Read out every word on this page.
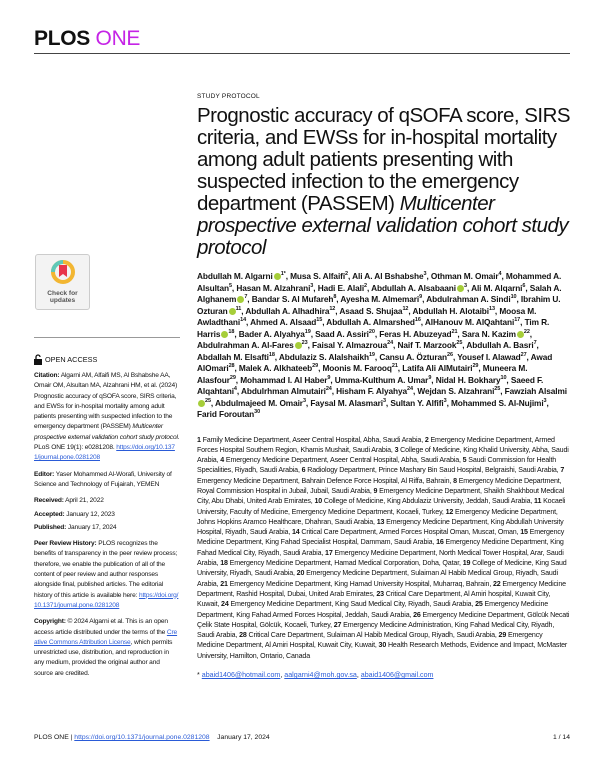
PLOS ONE
Check for
updates
OPEN ACCESS
Citation: Algarni AM, Alfaifi MS, Al Bshabshe AA, Omair OM, Alsultan MA, Alzahrani HM, et al. (2024) Prognostic accuracy of qSOFA score, SIRS criteria, and EWSs for in-hospital mortality among adult patients presenting with suspected infection to the emergency department (PASSEM) Multicenter prospective external validation cohort study protocol. PLoS ONE 19(1): e0281208. https://doi.org/10.1371/journal.pone.0281208
Editor: Yaser Mohammed Al-Worafi, University of Science and Technology of Fujairah, YEMEN
Received: April 21, 2022
Accepted: January 12, 2023
Published: January 17, 2024
Peer Review History: PLOS recognizes the benefits of transparency in the peer review process; therefore, we enable the publication of all of the content of peer review and author responses alongside final, published articles. The editorial history of this article is available here: https://doi.org/10.1371/journal.pone.0281208
Copyright: © 2024 Algarni et al. This is an open access article distributed under the terms of the Creative Commons Attribution License, which permits unrestricted use, distribution, and reproduction in any medium, provided the original author and source are credited.
STUDY PROTOCOL
Prognostic accuracy of qSOFA score, SIRS criteria, and EWSs for in-hospital mortality among adult patients presenting with suspected infection to the emergency department (PASSEM) Multicenter prospective external validation cohort study protocol
Abdullah M. Algarni $^{1*}$, Musa S. Alfaifi$^2$, Ali A. Al Bshabshe$^3$, Othman M. Omair$^4$, Mohammed A. Alsultan$^5$, Hasan M. Alzahrani$^3$, Hadi E. Alali$^2$, Abdullah A. Alsabaani $^3$, Ali M. Alqarni$^6$, Salah A. Alghanem $^7$, Bandar S. Al Mufareh$^8$, Ayesha M. Almemari$^9$, Abdulrahman A. Sindi$^{10}$, Ibrahim U. Ozturan $^{11}$, Abdullah A. Alhadhira$^{12}$, Asaad S. Shujaa$^{12}$, Abdullah H. Alotaibi$^{13}$, Moosa M. Awladthani$^{14}$, Ahmed A. Alsaad$^{15}$, Abdullah A. Almarshed$^{16}$, AlHanouv M. AlQahtani$^{17}$, Tim R. Harris $^{18}$, Bader A. Alyahya$^{19}$, Saad A. Assiri$^{20}$, Feras H. Abuzeyad$^{21}$, Sara N. Kazim $^{22}$, Abdulrahman A. Al-Fares $^{23}$, Faisal Y. Almazroua$^{24}$, Naif T. Marzook$^{25}$, Abdullah A. Basri$^7$, Abdallah M. Elsafti$^{18}$, Abdulaziz S. Alalshaikh$^{19}$, Cansu A. Özturan$^{26}$, Yousef I. Alawad$^{27}$, Awad AlOmari$^{28}$, Malek A. Alkhateeb$^{29}$, Moonis M. Farooq$^{21}$, Latifa Ali AlMutairi$^{29}$, Muneera M. Alasfour$^{29}$, Mohammad I. Al Haber$^9$, Umma-Kulthum A. Umar$^9$, Nidal H. Bokhary$^{10}$, Saeed F. Alqahtani$^4$, Abdulrhman Almutairi$^{24}$, Hisham F. Alyahya$^{24}$, Wejdan S. Alzahrani$^{25}$, Fawziah Alsalmi$^{25}$, Abdulmajeed M. Omair$^3$, Faysal M. Alasmari$^3$, Sultan Y. Alfifi$^3$, Mohammed S. Al-Nujimi$^3$, Farid Foroutan$^{30}$
1 Family Medicine Department, Aseer Central Hospital, Abha, Saudi Arabia, 2 Emergency Medicine Department, Armed Forces Hospital Southern Region, Khamis Mushait, Saudi Arabia, 3 College of Medicine, King Khalid University, Abha, Saudi Arabia, 4 Emergency Medicine Department, Aseer Central Hospital, Abha, Saudi Arabia, 5 Saudi Commission for Health Specialities, Riyadh, Saudi Arabia, 6 Radiology Department, Prince Mashary Bin Saud Hospital, Belgraishi, Saudi Arabia, 7 Emergency Medicine Department, Bahrain Defence Force Hospital, Al Riffa, Bahrain, 8 Emergency Medicine Department, Royal Commission Hospital in Jubail, Jubail, Saudi Arabia, 9 Emergency Medicine Department, Shaikh Shakhbout Medical City, Abu Dhabi, United Arab Emirates, 10 College of Medicine, King Abdulaziz University, Jeddah, Saudi Arabia, 11 Kocaeli University, Faculty of Medicine, Emergency Medicine Department, Kocaeli, Turkey, 12 Emergency Medicine Department, Johns Hopkins Aramco Healthcare, Dhahran, Saudi Arabia, 13 Emergency Medicine Department, King Abdullah University Hospital, Riyadh, Saudi Arabia, 14 Critical Care Department, Armed Forces Hospital Oman, Muscat, Oman, 15 Emergency Medicine Department, King Fahad Specialist Hospital, Dammam, Saudi Arabia, 16 Emergency Medicine Department, King Fahad Medical City, Riyadh, Saudi Arabia, 17 Emergency Medicine Department, North Medical Tower Hospital, Arar, Saudi Arabia, 18 Emergency Medicine Department, Hamad Medical Corporation, Doha, Qatar, 19 College of Medicine, King Saud University, Riyadh, Saudi Arabia, 20 Emergency Medicine Department, Sulaiman Al Habib Medical Group, Riyadh, Saudi Arabia, 21 Emergency Medicine Department, King Hamad University Hospital, Muharraq, Bahrain, 22 Emergency Medicine Department, Rashid Hospital, Dubai, United Arab Emirates, 23 Critical Care Department, Al Amiri hospital, Kuwait City, Kuwait, 24 Emergency Medicine Department, King Saud Medical City, Riyadh, Saudi Arabia, 25 Emergency Medicine Department, King Fahad Armed Forces Hospital, Jeddah, Saudi Arabia, 26 Emergency Medicine Department, Gölcük Necati Çelik State Hospital, Gölcük, Kocaeli, Turkey, 27 Emergency Medicine Administration, King Fahad Medical City, Riyadh, Saudi Arabia, 28 Critical Care Department, Sulaiman Al Habib Medical Group, Riyadh, Saudi Arabia, 29 Emergency Medicine Department, Al Amiri Hospital, Kuwait City, Kuwait, 30 Health Research Methods, Evidence and Impact, McMaster University, Hamilton, Ontario, Canada
* abaid1406@hotmail.com, aalgarni4@moh.gov.sa, abaid1406@gmail.com
PLOS ONE | https://doi.org/10.1371/journal.pone.0281208 January 17, 2024	1 / 14
